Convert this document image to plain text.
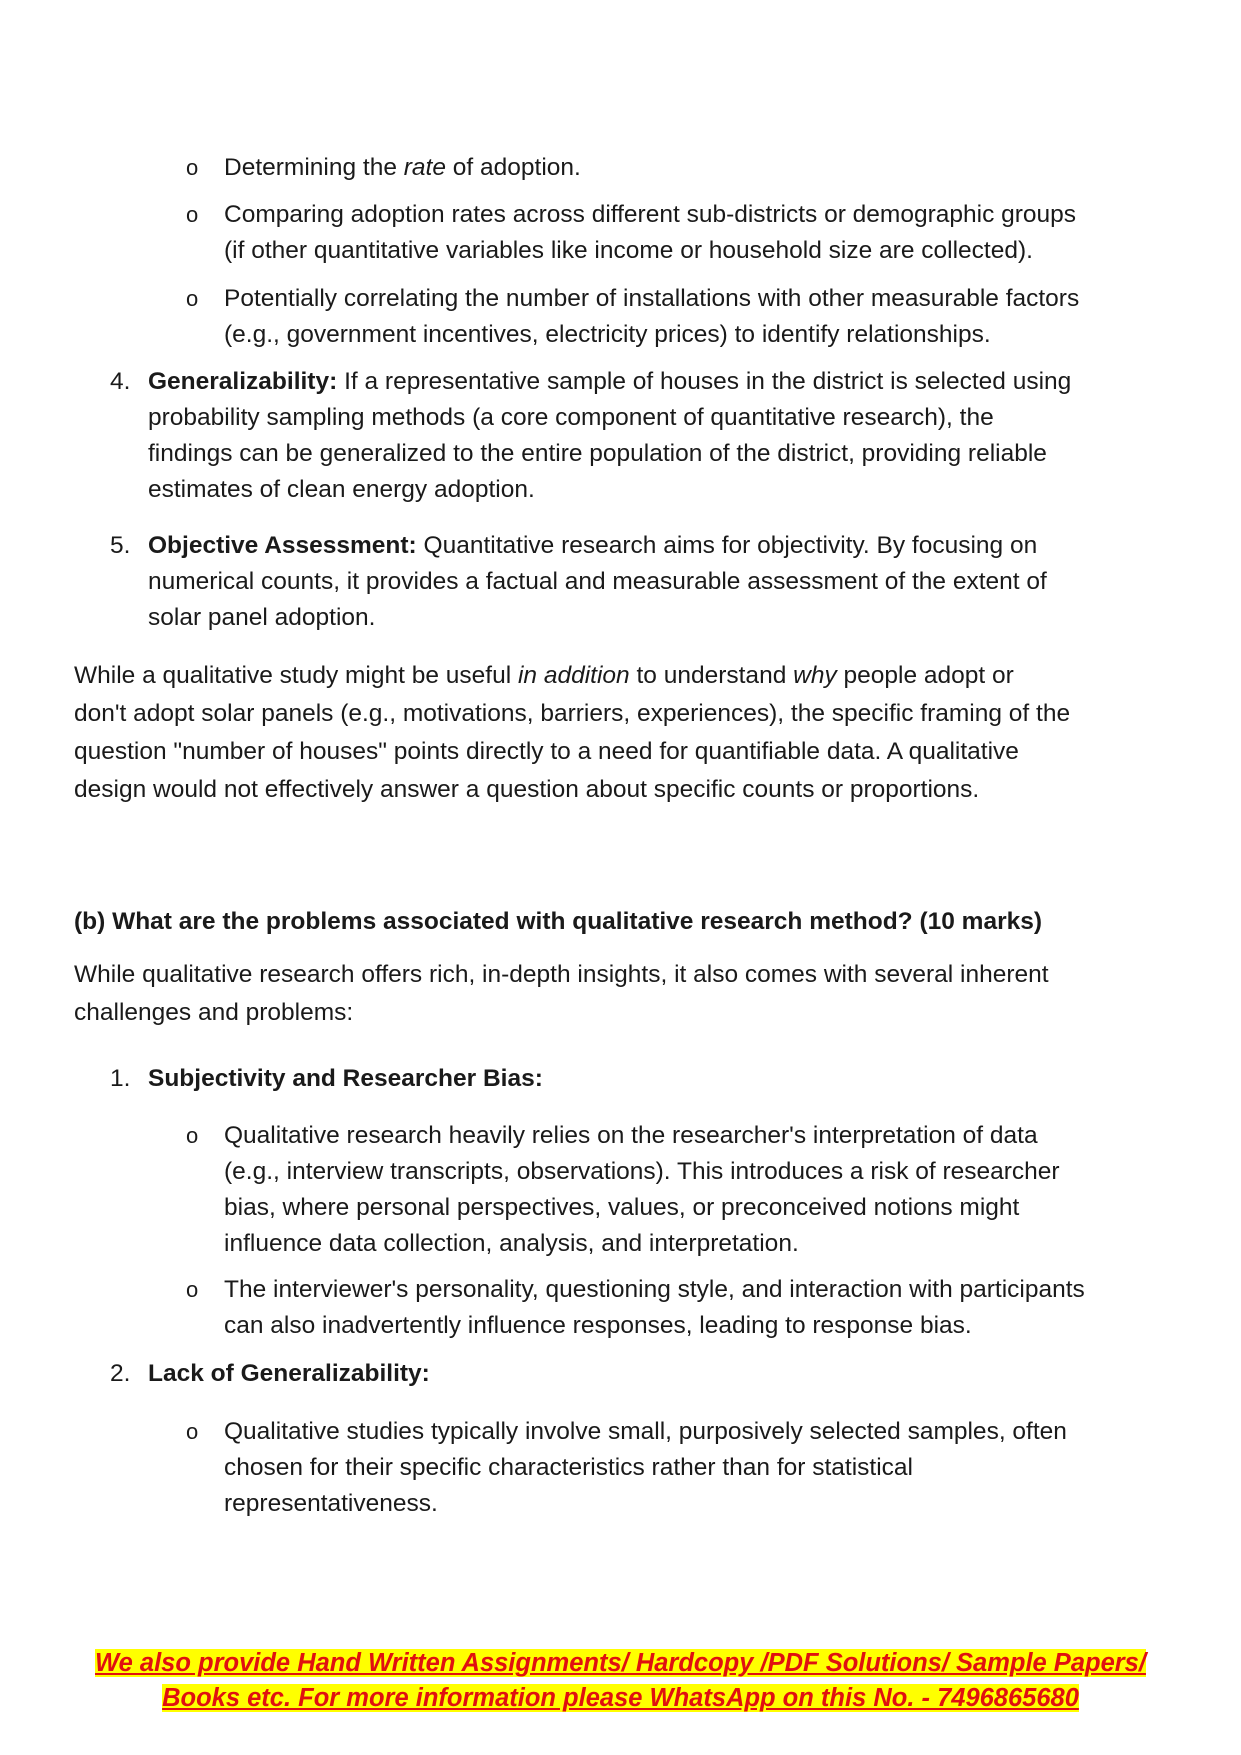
o	Determining the rate of adoption.
o	Comparing adoption rates across different sub-districts or demographic groups
(if other quantitative variables like income or household size are collected).
o	Potentially correlating the number of installations with other measurable factors
(e.g., government incentives, electricity prices) to identify relationships.
4. Generalizability: If a representative sample of houses in the district is selected using
probability sampling methods (a core component of quantitative research), the
findings can be generalized to the entire population of the district, providing reliable
estimates of clean energy adoption.
5. Objective Assessment: Quantitative research aims for objectivity. By focusing on
numerical counts, it provides a factual and measurable assessment of the extent of
solar panel adoption.
While a qualitative study might be useful in addition to understand why people adopt or
don't adopt solar panels (e.g., motivations, barriers, experiences), the specific framing of the
question "number of houses" points directly to a need for quantifiable data. A qualitative
design would not effectively answer a question about specific counts or proportions.
(b) What are the problems associated with qualitative research method? (10 marks)
While qualitative research offers rich, in-depth insights, it also comes with several inherent
challenges and problems:
1. Subjectivity and Researcher Bias:
o	Qualitative research heavily relies on the researcher's interpretation of data
(e.g., interview transcripts, observations). This introduces a risk of researcher
bias, where personal perspectives, values, or preconceived notions might
influence data collection, analysis, and interpretation.
o	The interviewer's personality, questioning style, and interaction with participants
can also inadvertently influence responses, leading to response bias.
2. Lack of Generalizability:
o	Qualitative studies typically involve small, purposively selected samples, often
chosen for their specific characteristics rather than for statistical
representativeness.
We also provide Hand Written Assignments/ Hardcopy /PDF Solutions/ Sample Papers/
Books etc. For more information please WhatsApp on this No. - 7496865680
